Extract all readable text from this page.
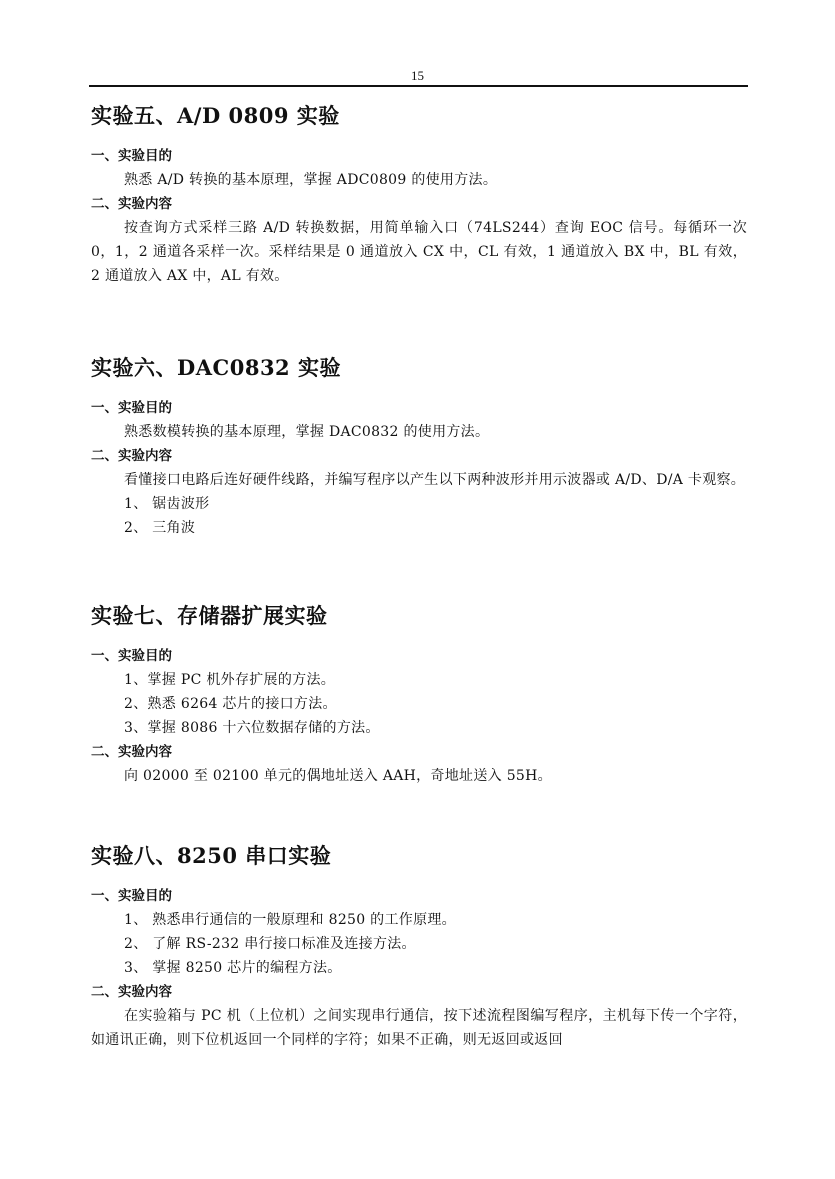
15
实验五、A/D 0809 实验

一、实验目的

熟悉 A/D 转换的基本原理，掌握 ADC0809 的使用方法。

二、实验内容

按查询方式采样三路 A/D 转换数据，用简单输入口（74LS244）查询 EOC 信号。每循环一次 0，1，2 通道各采样一次。采样结果是 0 通道放入 CX 中，CL 有效，1 通道放入 BX 中，BL 有效，2 通道放入 AX 中，AL 有效。

实验六、DAC0832 实验

一、实验目的

熟悉数模转换的基本原理，掌握 DAC0832 的使用方法。

二、实验内容

看懂接口电路后连好硬件线路，并编写程序以产生以下两种波形并用示波器或 A/D、D/A 卡观察。

1、 锯齿波形

2、 三角波

实验七、存储器扩展实验

一、实验目的

1、掌握 PC 机外存扩展的方法。

2、熟悉 6264 芯片的接口方法。

3、掌握 8086 十六位数据存储的方法。

二、实验内容

向 02000 至 02100 单元的偶地址送入 AAH，奇地址送入 55H。

实验八、8250 串口实验

一、实验目的

1、 熟悉串行通信的一般原理和 8250 的工作原理。

2、 了解 RS-232 串行接口标准及连接方法。

3、 掌握 8250 芯片的编程方法。

二、实验内容

在实验箱与 PC 机（上位机）之间实现串行通信，按下述流程图编写程序，主机每下传一个字符，如通讯正确，则下位机返回一个同样的字符；如果不正确，则无返回或返回
